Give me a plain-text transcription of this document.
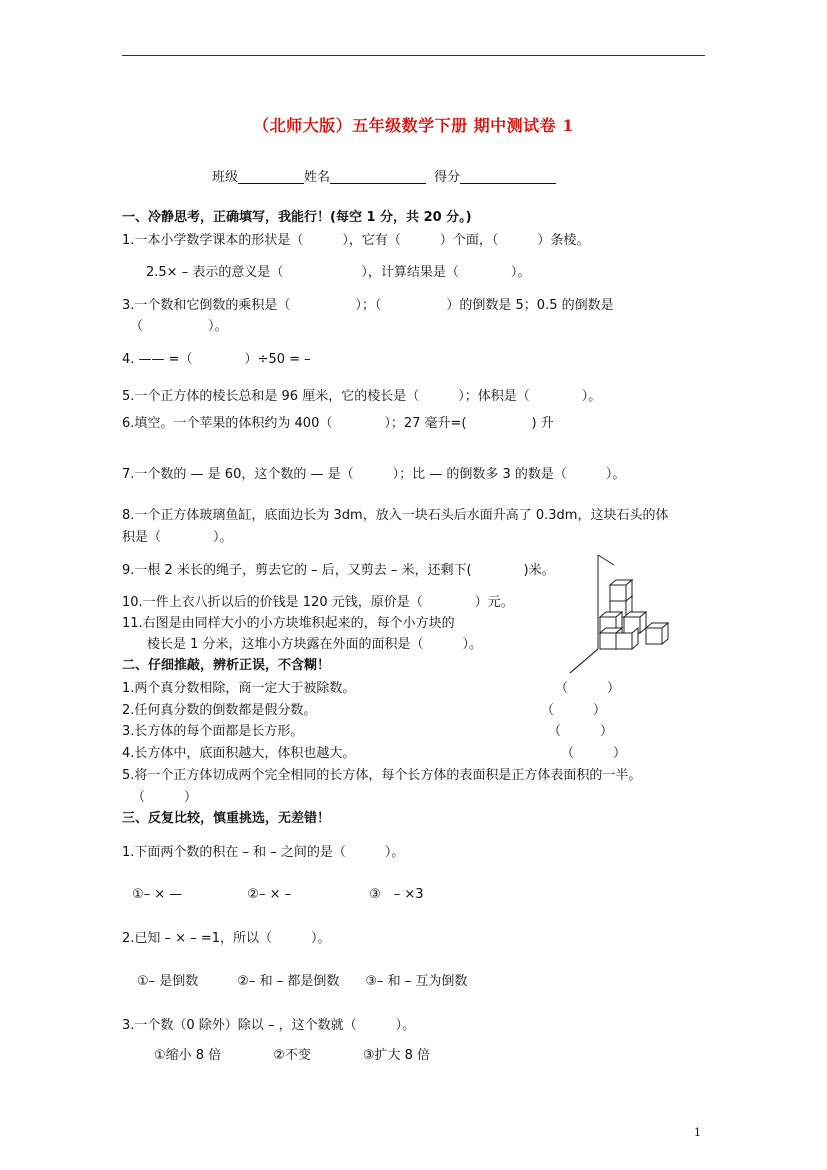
（北师大版）五年级数学下册 期中测试卷 1
班级	姓名	得分
一、冷静思考，正确填写，我能行！(每空 1 分，共 20 分。)
1.一本小学数学课本的形状是（　　　），它有（　　　）个面，（　　　）条棱。
2.5× – 表示的意义是（　　　　　　），计算结果是（　　　　）。
3.一个数和它倒数的乘积是（　　　　　）；（　　　　　）的倒数是 5；0.5 的倒数是
（　　　　　）。
4. —— =（　　　　）÷50 = –
5.一个正方体的棱长总和是 96 厘米，它的棱长是（　　　）；体积是（　　　　）。
6.填空。一个苹果的体积约为 400（　　　　）；27 毫升=(　　　　　) 升
7.一个数的 — 是 60，这个数的 — 是（　　　）；比 — 的倒数多 3 的数是（　　　）。
8.一个正方体玻璃鱼缸，底面边长为 3dm，放入一块石头后水面升高了 0.3dm，这块石头的体
积是（　　　　）。
9.一根 2 米长的绳子，剪去它的 – 后，又剪去 – 米，还剩下(　　　　)米。
10.一件上衣八折以后的价钱是 120 元钱，原价是（　　　　）元。
11.右图是由同样大小的小方块堆积起来的，每个小方块的
棱长是 1 分米，这堆小方块露在外面的面积是（　　　）。
二、仔细推敲，辨析正误，不含糊！
1.两个真分数相除，商一定大于被除数。	（　　　）
2.任何真分数的倒数都是假分数。	（　　　）
3.长方体的每个面都是长方形。	（　　　）
4.长方体中，底面积越大，体积也越大。	（　　　）
5.将一个正方体切成两个完全相同的长方体，每个长方体的表面积是正方体表面积的一半。
（　　　）
三、反复比较，慎重挑选，无差错！
1.下面两个数的积在 – 和 – 之间的是（　　　）。
①– × —　　　　　②– × –　　　　　　③　– ×3
2.已知 – × – =1，所以（　　　）。
①– 是倒数　　　②– 和 – 都是倒数　　③– 和 – 互为倒数
3.一个数（0 除外）除以 – ，这个数就（　　　）。
①缩小 8 倍　　　　②不变　　　　③扩大 8 倍
1
